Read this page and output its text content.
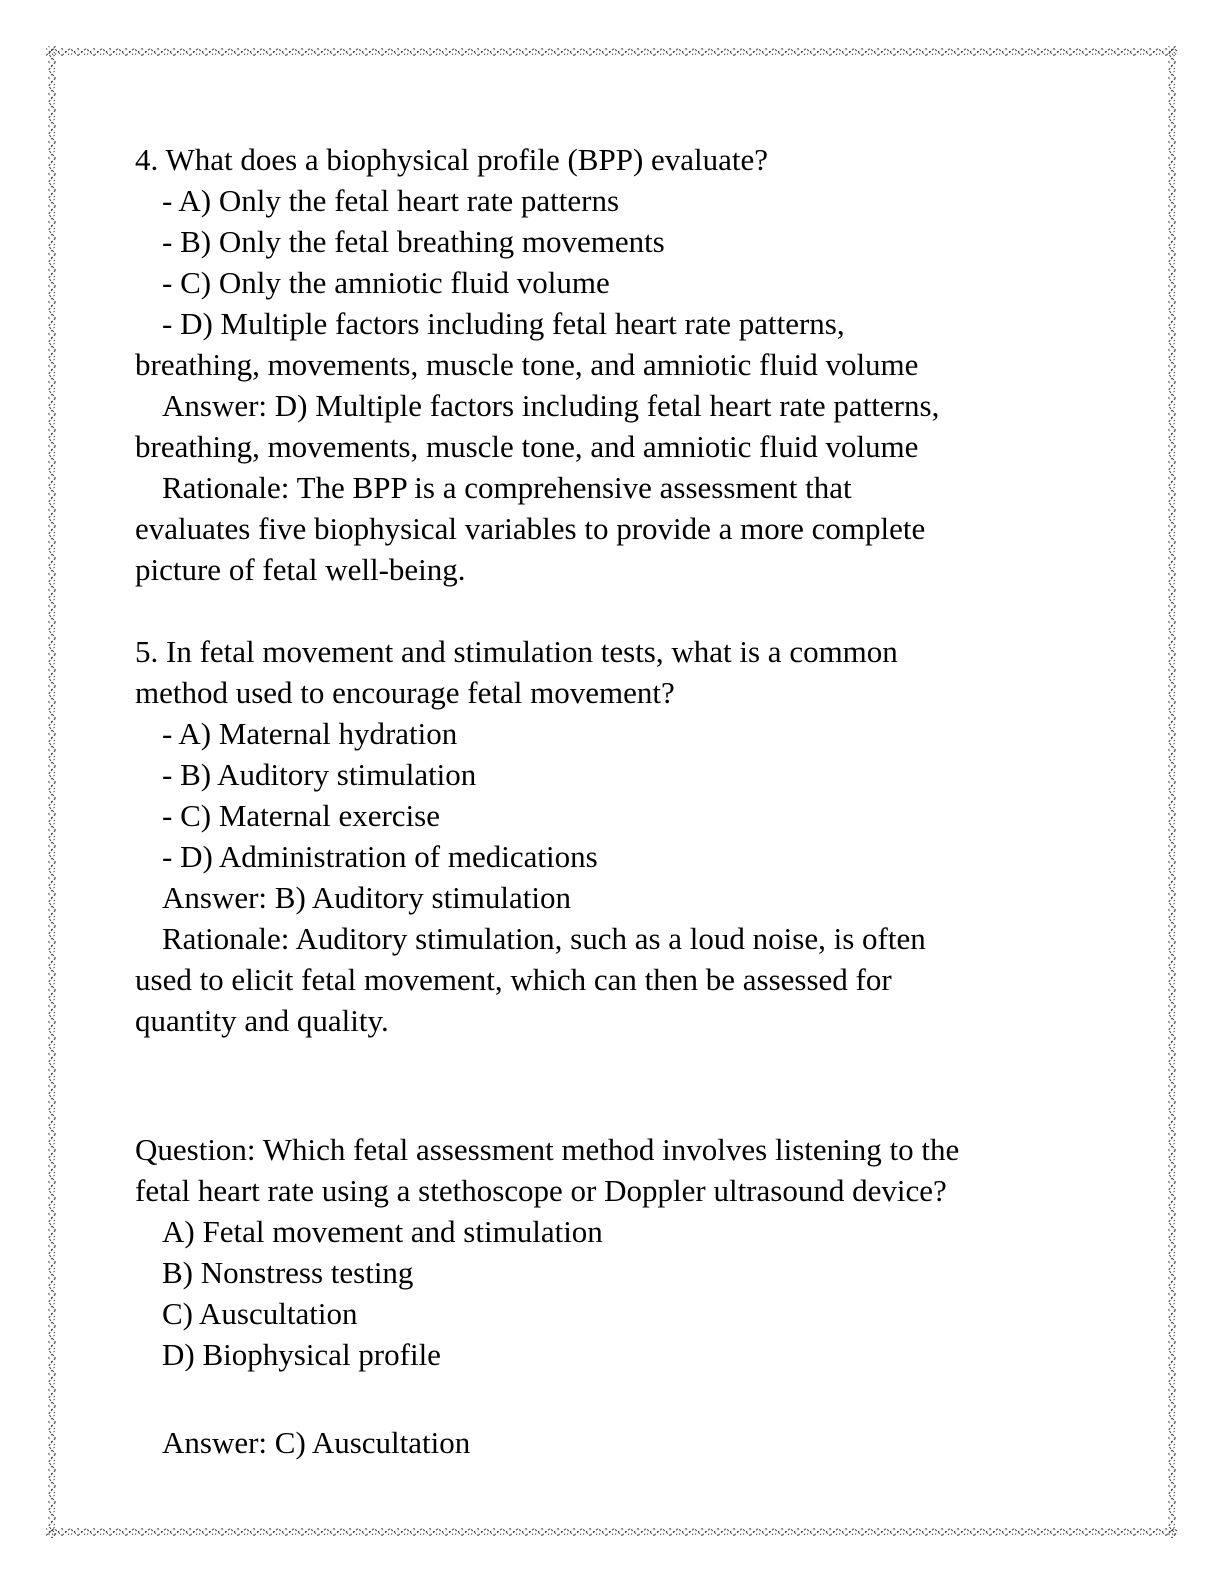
4. What does a biophysical profile (BPP) evaluate?
- A) Only the fetal heart rate patterns
- B) Only the fetal breathing movements
- C) Only the amniotic fluid volume
- D) Multiple factors including fetal heart rate patterns,
breathing, movements, muscle tone, and amniotic fluid volume
Answer: D) Multiple factors including fetal heart rate patterns,
breathing, movements, muscle tone, and amniotic fluid volume
Rationale: The BPP is a comprehensive assessment that
evaluates five biophysical variables to provide a more complete
picture of fetal well-being.
5. In fetal movement and stimulation tests, what is a common
method used to encourage fetal movement?
- A) Maternal hydration
- B) Auditory stimulation
- C) Maternal exercise
- D) Administration of medications
Answer: B) Auditory stimulation
Rationale: Auditory stimulation, such as a loud noise, is often
used to elicit fetal movement, which can then be assessed for
quantity and quality.
Question: Which fetal assessment method involves listening to the
fetal heart rate using a stethoscope or Doppler ultrasound device?
A) Fetal movement and stimulation
B) Nonstress testing
C) Auscultation
D) Biophysical profile
Answer: C) Auscultation
